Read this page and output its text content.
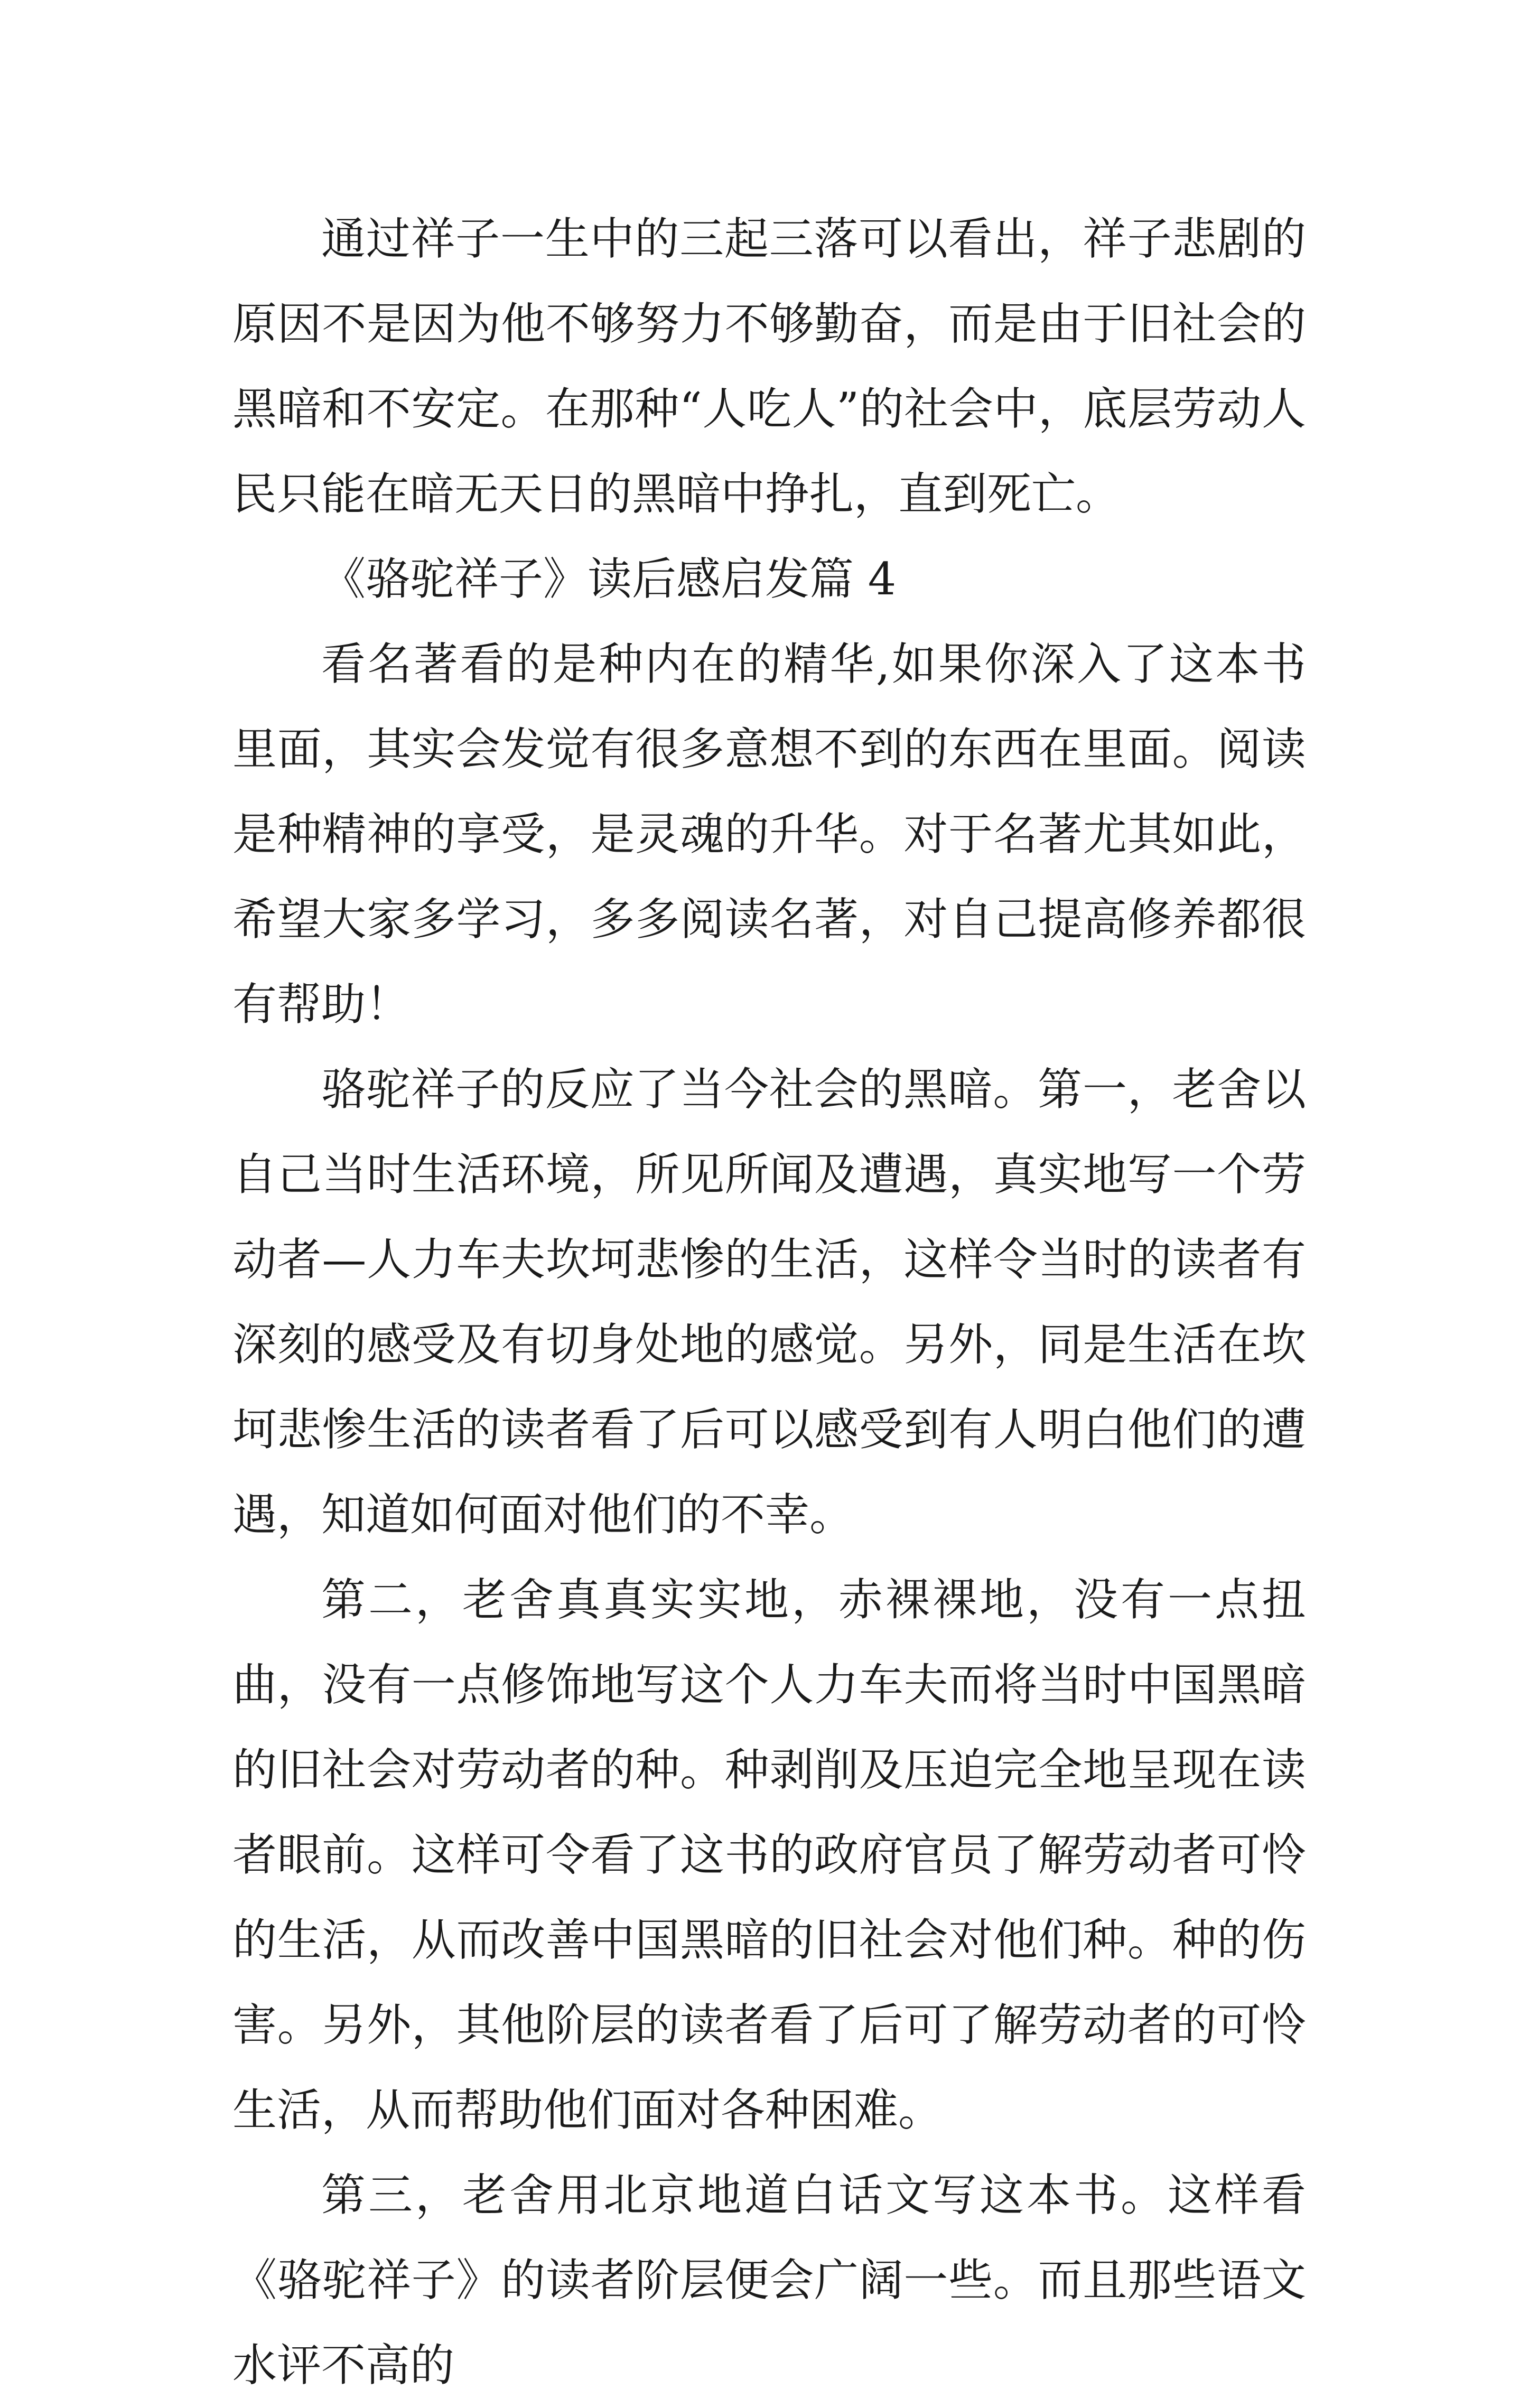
通过祥子一生中的三起三落可以看出，祥子悲剧的原因不是因为他不够努力不够勤奋，而是由于旧社会的黑暗和不安定。在那种“人吃人”的社会中，底层劳动人民只能在暗无天日的黑暗中挣扎，直到死亡。

《骆驼祥子》读后感启发篇 4

看名著看的是种内在的精华,如果你深入了这本书里面，其实会发觉有很多意想不到的东西在里面。阅读是种精神的享受，是灵魂的升华。对于名著尤其如此，希望大家多学习，多多阅读名著，对自己提高修养都很有帮助！

骆驼祥子的反应了当今社会的黑暗。第一，老舍以自己当时生活环境，所见所闻及遭遇，真实地写一个劳动者—人力车夫坎坷悲惨的生活，这样令当时的读者有深刻的感受及有切身处地的感觉。另外，同是生活在坎坷悲惨生活的读者看了后可以感受到有人明白他们的遭遇，知道如何面对他们的不幸。

第二，老舍真真实实地，赤裸裸地，没有一点扭曲，没有一点修饰地写这个人力车夫而将当时中国黑暗的旧社会对劳动者的种。种剥削及压迫完全地呈现在读者眼前。这样可令看了这书的政府官员了解劳动者可怜的生活，从而改善中国黑暗的旧社会对他们种。种的伤害。另外，其他阶层的读者看了后可了解劳动者的可怜生活，从而帮助他们面对各种困难。

第三，老舍用北京地道白话文写这本书。这样看《骆驼祥子》的读者阶层便会广阔一些。而且那些语文水评不高的
